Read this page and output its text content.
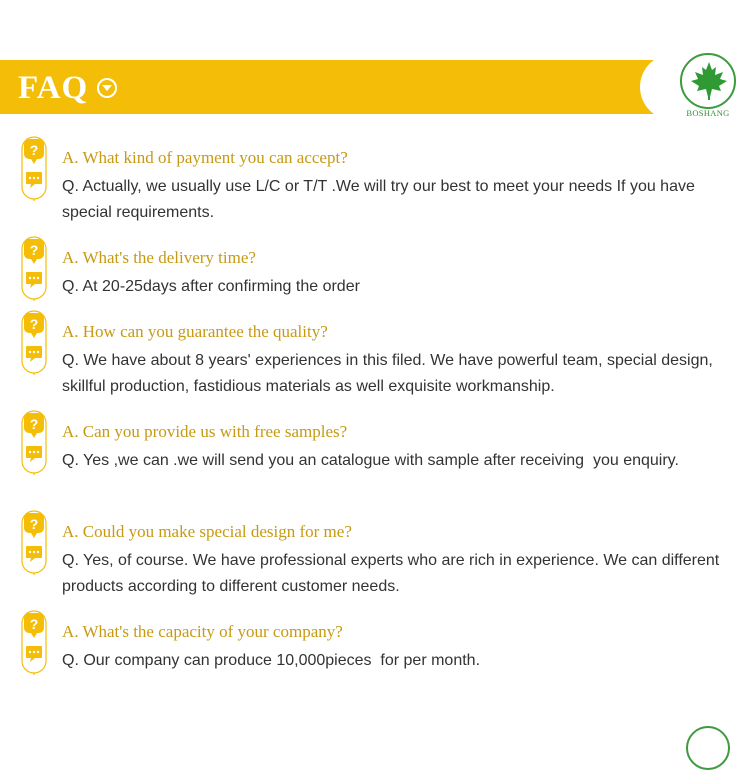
FAQ
BOSHANG
? A. What kind of payment you can accept?
Q. Actually, we usually use L/C or T/T .We will try our best to meet your needs If you have special requirements.
? A. What's the delivery time?
Q. At 20-25days after confirming the order
? A. How can you guarantee the quality?
Q. We have about 8 years' experiences in this filed. We have powerful team, special design, skillful production, fastidious materials as well exquisite workmanship.
? A. Can you provide us with free samples?
Q. Yes ,we can .we will send you an catalogue with sample after receiving  you enquiry.
? A. Could you make special design for me?
Q. Yes, of course. We have professional experts who are rich in experience. We can different products according to different customer needs.
? A. What's the capacity of your company?
Q. Our company can produce 10,000pieces  for per month.
